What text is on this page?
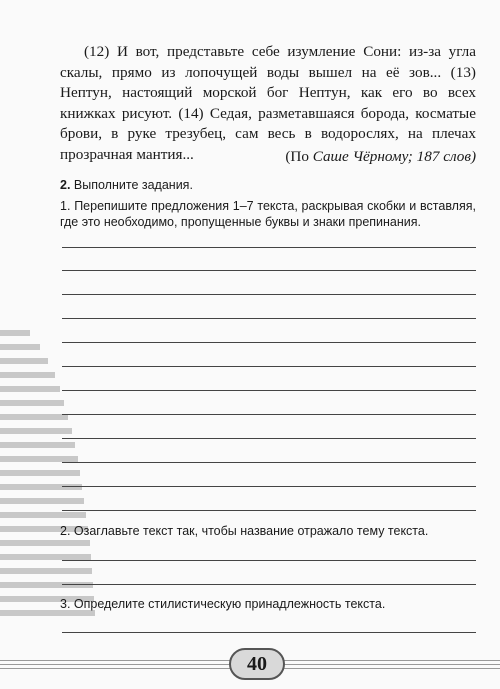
(12) И вот, представьте себе изумление Сони: из-за угла скалы, прямо из лопочущей воды вышел на её зов... (13) Нептун, настоящий морской бог Нептун, как его во всех книжках рисуют. (14) Седая, разметавшаяся борода, косматые брови, в руке трезубец, сам весь в водорослях, на плечах прозрачная мантия...	(По Саше Чёрному; 187 слов)
2. Выполните задания.
1. Перепишите предложения 1–7 текста, раскрывая скобки и вставляя, где это необходимо, пропущенные буквы и знаки препинания.
2. Озаглавьте текст так, чтобы название отражало тему текста.
3. Определите стилистическую принадлежность текста.
40
